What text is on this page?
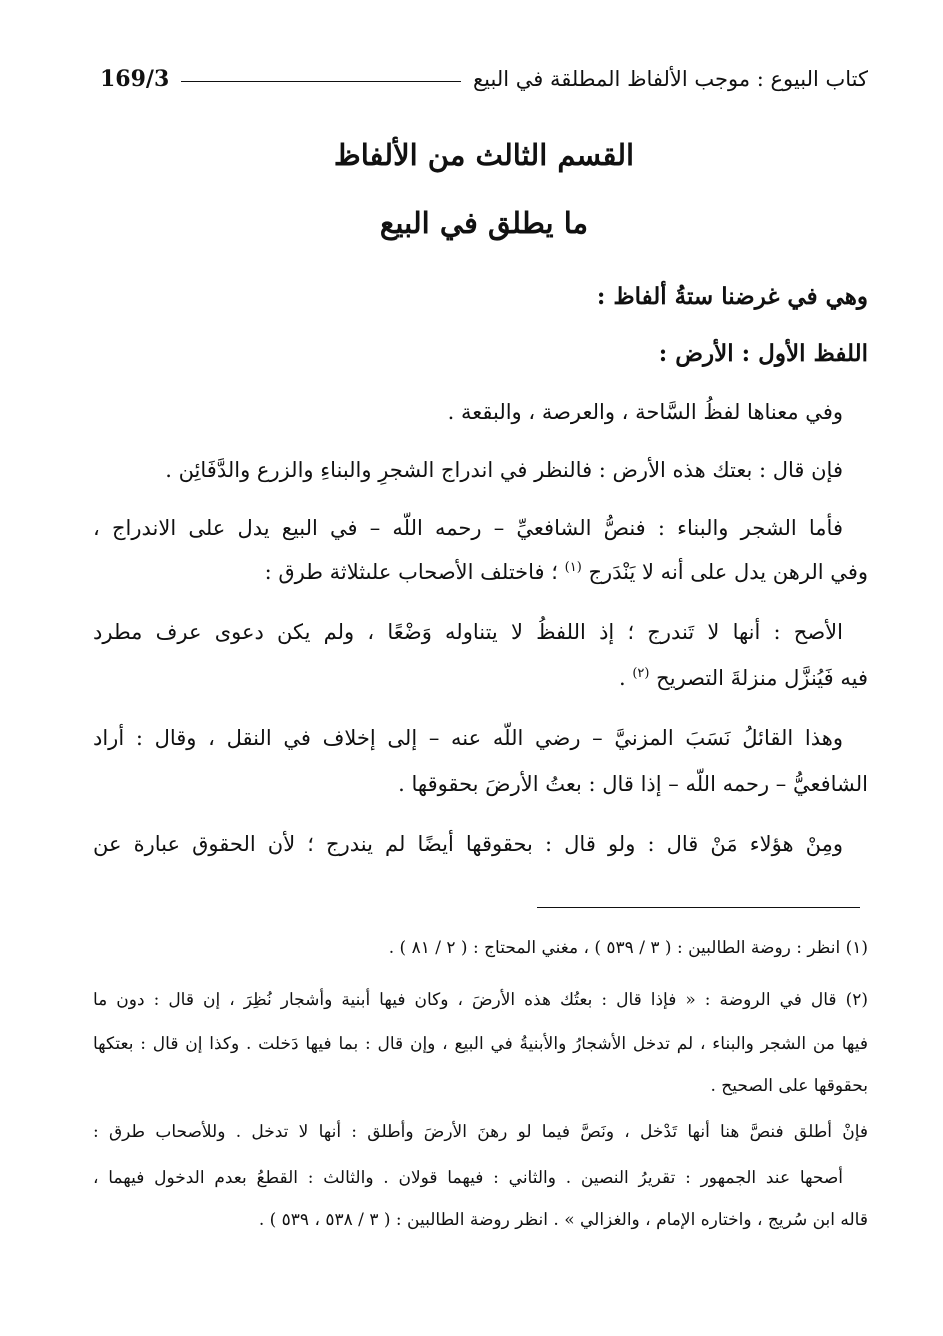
كتاب البيوع : موجب الألفاظ المطلقة في البيع
169/3
القسم الثالث من الألفاظ
ما يطلق في البيع
وهي في غرضنا ستةُ ألفاظ :
اللفظ الأول : الأرض :
وفي معناها لفظُ السَّاحة ، والعرصة ، والبقعة .
فإن قال : بعتك هذه الأرض : فالنظر في اندراج الشجرِ والبناءِ والزرع والدَّفَائِن .
فأما الشجر والبناء : فنصُّ الشافعيِّ – رحمه اللّه – في البيع يدل على الاندراج ،
وفي الرهن يدل على أنه لا يَنْدَرج $^{(١)}$ ؛ فاختلف الأصحاب علىثلاثة طرق :
الأصح : أنها لا تَندرج ؛ إذ اللفظُ لا يتناوله وَضْعًا ، ولم يكن دعوى عرف مطرد
فيه فَيُنزَّل منزلةَ التصريح $^{(٢)}$ .
وهذا القائلُ نَسَبَ المزنيَّ – رضي اللّه عنه – إلى إخلاف في النقل ، وقال : أراد
الشافعيُّ – رحمه اللّه – إذا قال : بعتُ الأرضَ بحقوقها .
ومِنْ هؤلاء مَنْ قال : ولو قال : بحقوقها أيضًا لم يندرج ؛ لأن الحقوق عبارة عن
(١) انظر : روضة الطالبين : ( ٣ / ٥٣٩ ) ، مغني المحتاج : ( ٢ / ٨١ ) .
(٢) قال في الروضة : « فإذا قال : بعتُك هذه الأرضَ ، وكان فيها أبنية وأشجار نُظِرَ ، إن قال : دون ما
فيها من الشجر والبناء ، لم تدخل الأشجارُ والأبنيةُ في البيع ، وإن قال : بما فيها دَخلت . وكذا إن قال : بعتكها
بحقوقها على الصحيح .
فإنْ أطلق فنصَّ هنا أنها تَدْخل ، ونَصَّ فيما لو رهنَ الأرضَ وأطلق : أنها لا تدخل . وللأصحاب طرق :
أصحها عند الجمهور : تقريرُ النصين . والثاني : فيهما قولان . والثالث : القطعُ بعدم الدخول فيهما ،
قاله ابن سُريج ، واختاره الإمام ، والغزالي » . انظر روضة الطالبين : ( ٣ / ٥٣٨ ، ٥٣٩ ) .
